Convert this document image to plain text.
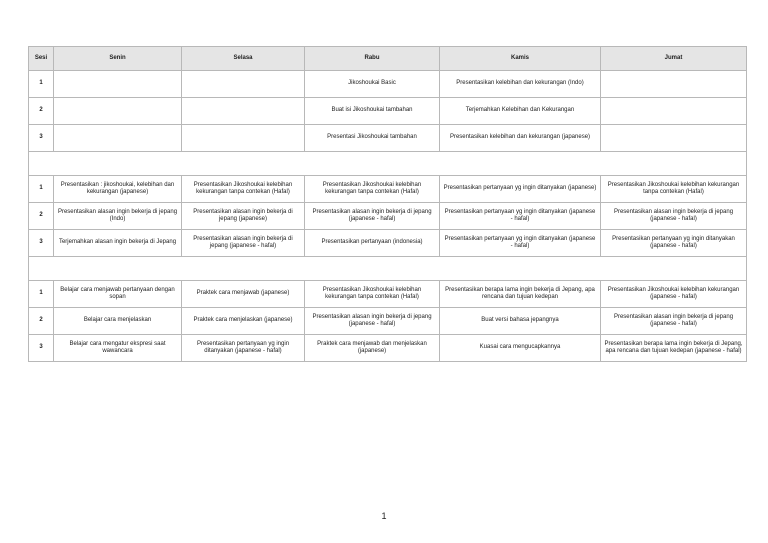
Sesi	Senin	Selasa	Rabu	Kamis	Jumat
1			Jikoshoukai Basic	Presentasikan kelebihan dan kekurangan (Indo)	
2			Buat isi Jikoshoukai tambahan	Terjemahkan Kelebihan dan Kekurangan	
3			Presentasi Jikoshoukai tambahan	Presentasikan kelebihan dan kekurangan (japanese)	

1	Presentasikan : jikoshoukai, kelebihan dan kekurangan (japanese)	Presentasikan Jikoshoukai kelebihan kekurangan tanpa contekan (Hafal)	Presentasikan Jikoshoukai kelebihan kekurangan tanpa contekan (Hafal)	Presentasikan pertanyaan yg ingin ditanyakan (japanese)	Presentasikan Jikoshoukai kelebihan kekurangan tanpa contekan (Hafal)
2	Presentasikan alasan ingin bekerja di jepang (Indo)	Presentasikan alasan ingin bekerja di jepang (japanese)	Presentasikan alasan ingin bekerja di jepang (japanese - hafal)	Presentasikan pertanyaan yg ingin ditanyakan (japanese - hafal)	Presentasikan alasan ingin bekerja di jepang (japanese - hafal)
3	Terjemahkan alasan ingin bekerja di Jepang	Presentasikan alasan ingin bekerja di jepang (japanese - hafal)	Presentasikan pertanyaan (indonesia)	Presentasikan pertanyaan yg ingin ditanyakan (japanese - hafal)	Presentasikan pertanyaan yg ingin ditanyakan (japanese - hafal)

1	Belajar cara menjawab pertanyaan dengan sopan	Praktek cara menjawab (japanese)	Presentasikan Jikoshoukai kelebihan kekurangan tanpa contekan (Hafal)	Presentasikan berapa lama ingin bekerja di Jepang, apa rencana dan tujuan kedepan	Presentasikan Jikoshoukai kelebihan kekurangan (japanese - hafal)
2	Belajar cara menjelaskan	Praktek cara menjelaskan (japanese)	Presentasikan alasan ingin bekerja di jepang (japanese - hafal)	Buat versi bahasa jepangnya	Presentasikan alasan ingin bekerja di jepang (japanese - hafal)
3	Belajar cara mengatur ekspresi saat wawancara	Presentasikan pertanyaan yg ingin ditanyakan (japanese - hafal)	Praktek cara menjawab dan menjelaskan (japanese)	Kuasai cara mengucapkannya	Presentasikan berapa lama ingin bekerja di Jepang, apa rencana dan tujuan kedepan (japanese - hafal)
1
